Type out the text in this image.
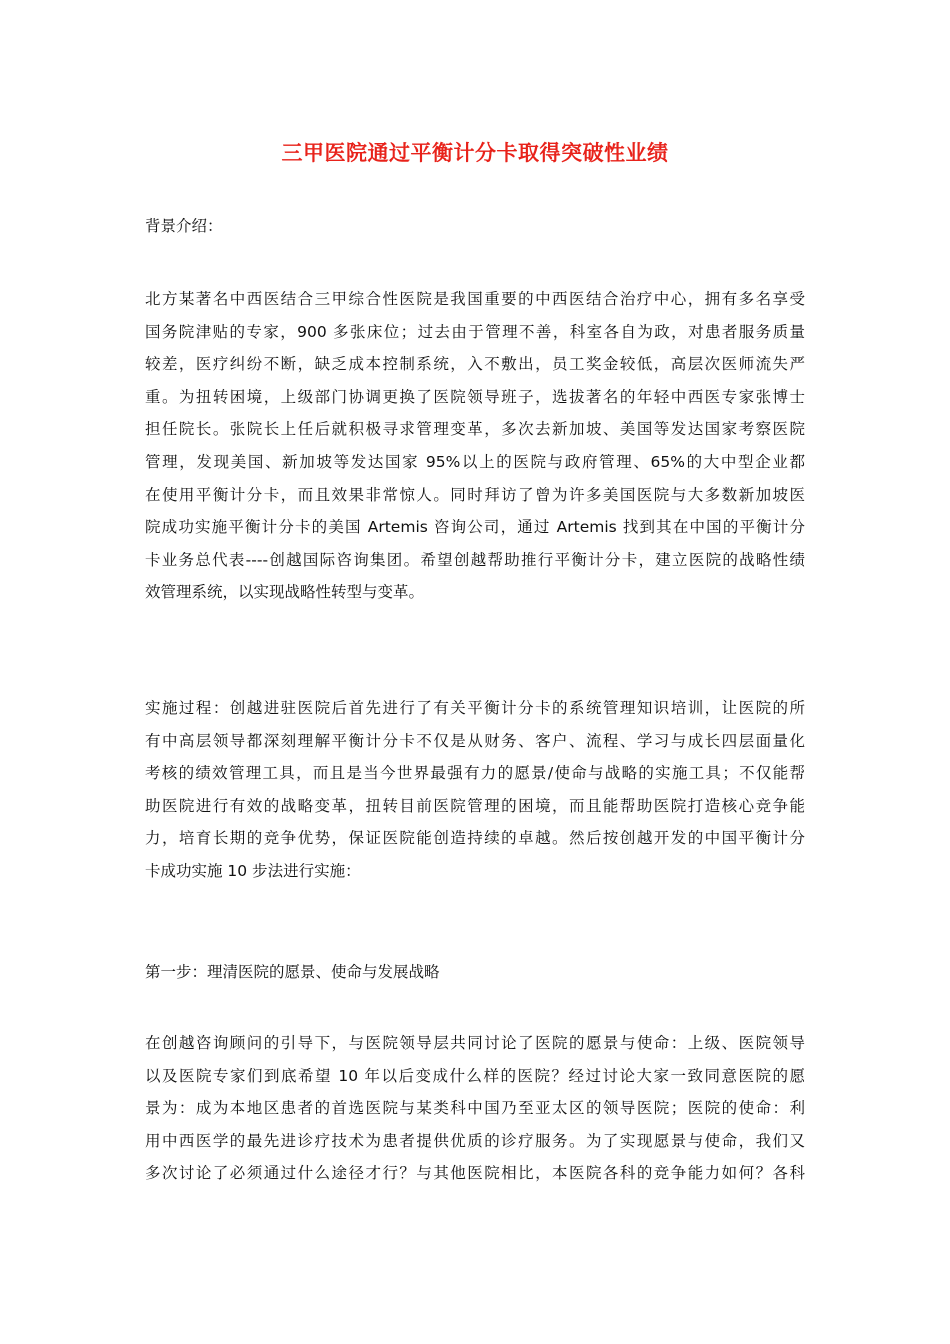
三甲医院通过平衡计分卡取得突破性业绩
背景介绍：
北方某著名中西医结合三甲综合性医院是我国重要的中西医结合治疗中心，拥有多名享受
国务院津贴的专家，900 多张床位；过去由于管理不善，科室各自为政，对患者服务质量
较差，医疗纠纷不断，缺乏成本控制系统，入不敷出，员工奖金较低，高层次医师流失严
重。为扭转困境，上级部门协调更换了医院领导班子，选拔著名的年轻中西医专家张博士
担任院长。张院长上任后就积极寻求管理变革，多次去新加坡、美国等发达国家考察医院
管理，发现美国、新加坡等发达国家 95%以上的医院与政府管理、65%的大中型企业都
在使用平衡计分卡，而且效果非常惊人。同时拜访了曾为许多美国医院与大多数新加坡医
院成功实施平衡计分卡的美国 Artemis 咨询公司，通过 Artemis 找到其在中国的平衡计分
卡业务总代表----创越国际咨询集团。希望创越帮助推行平衡计分卡，建立医院的战略性绩
效管理系统，以实现战略性转型与变革。
实施过程：创越进驻医院后首先进行了有关平衡计分卡的系统管理知识培训，让医院的所
有中高层领导都深刻理解平衡计分卡不仅是从财务、客户、流程、学习与成长四层面量化
考核的绩效管理工具，而且是当今世界最强有力的愿景/使命与战略的实施工具；不仅能帮
助医院进行有效的战略变革，扭转目前医院管理的困境，而且能帮助医院打造核心竞争能
力，培育长期的竞争优势，保证医院能创造持续的卓越。然后按创越开发的中国平衡计分
卡成功实施 10 步法进行实施：
第一步：理清医院的愿景、使命与发展战略
在创越咨询顾问的引导下，与医院领导层共同讨论了医院的愿景与使命：上级、医院领导
以及医院专家们到底希望 10 年以后变成什么样的医院？经过讨论大家一致同意医院的愿
景为：成为本地区患者的首选医院与某类科中国乃至亚太区的领导医院；医院的使命：利
用中西医学的最先进诊疗技术为患者提供优质的诊疗服务。为了实现愿景与使命，我们又
多次讨论了必须通过什么途径才行？与其他医院相比，本医院各科的竞争能力如何？各科
